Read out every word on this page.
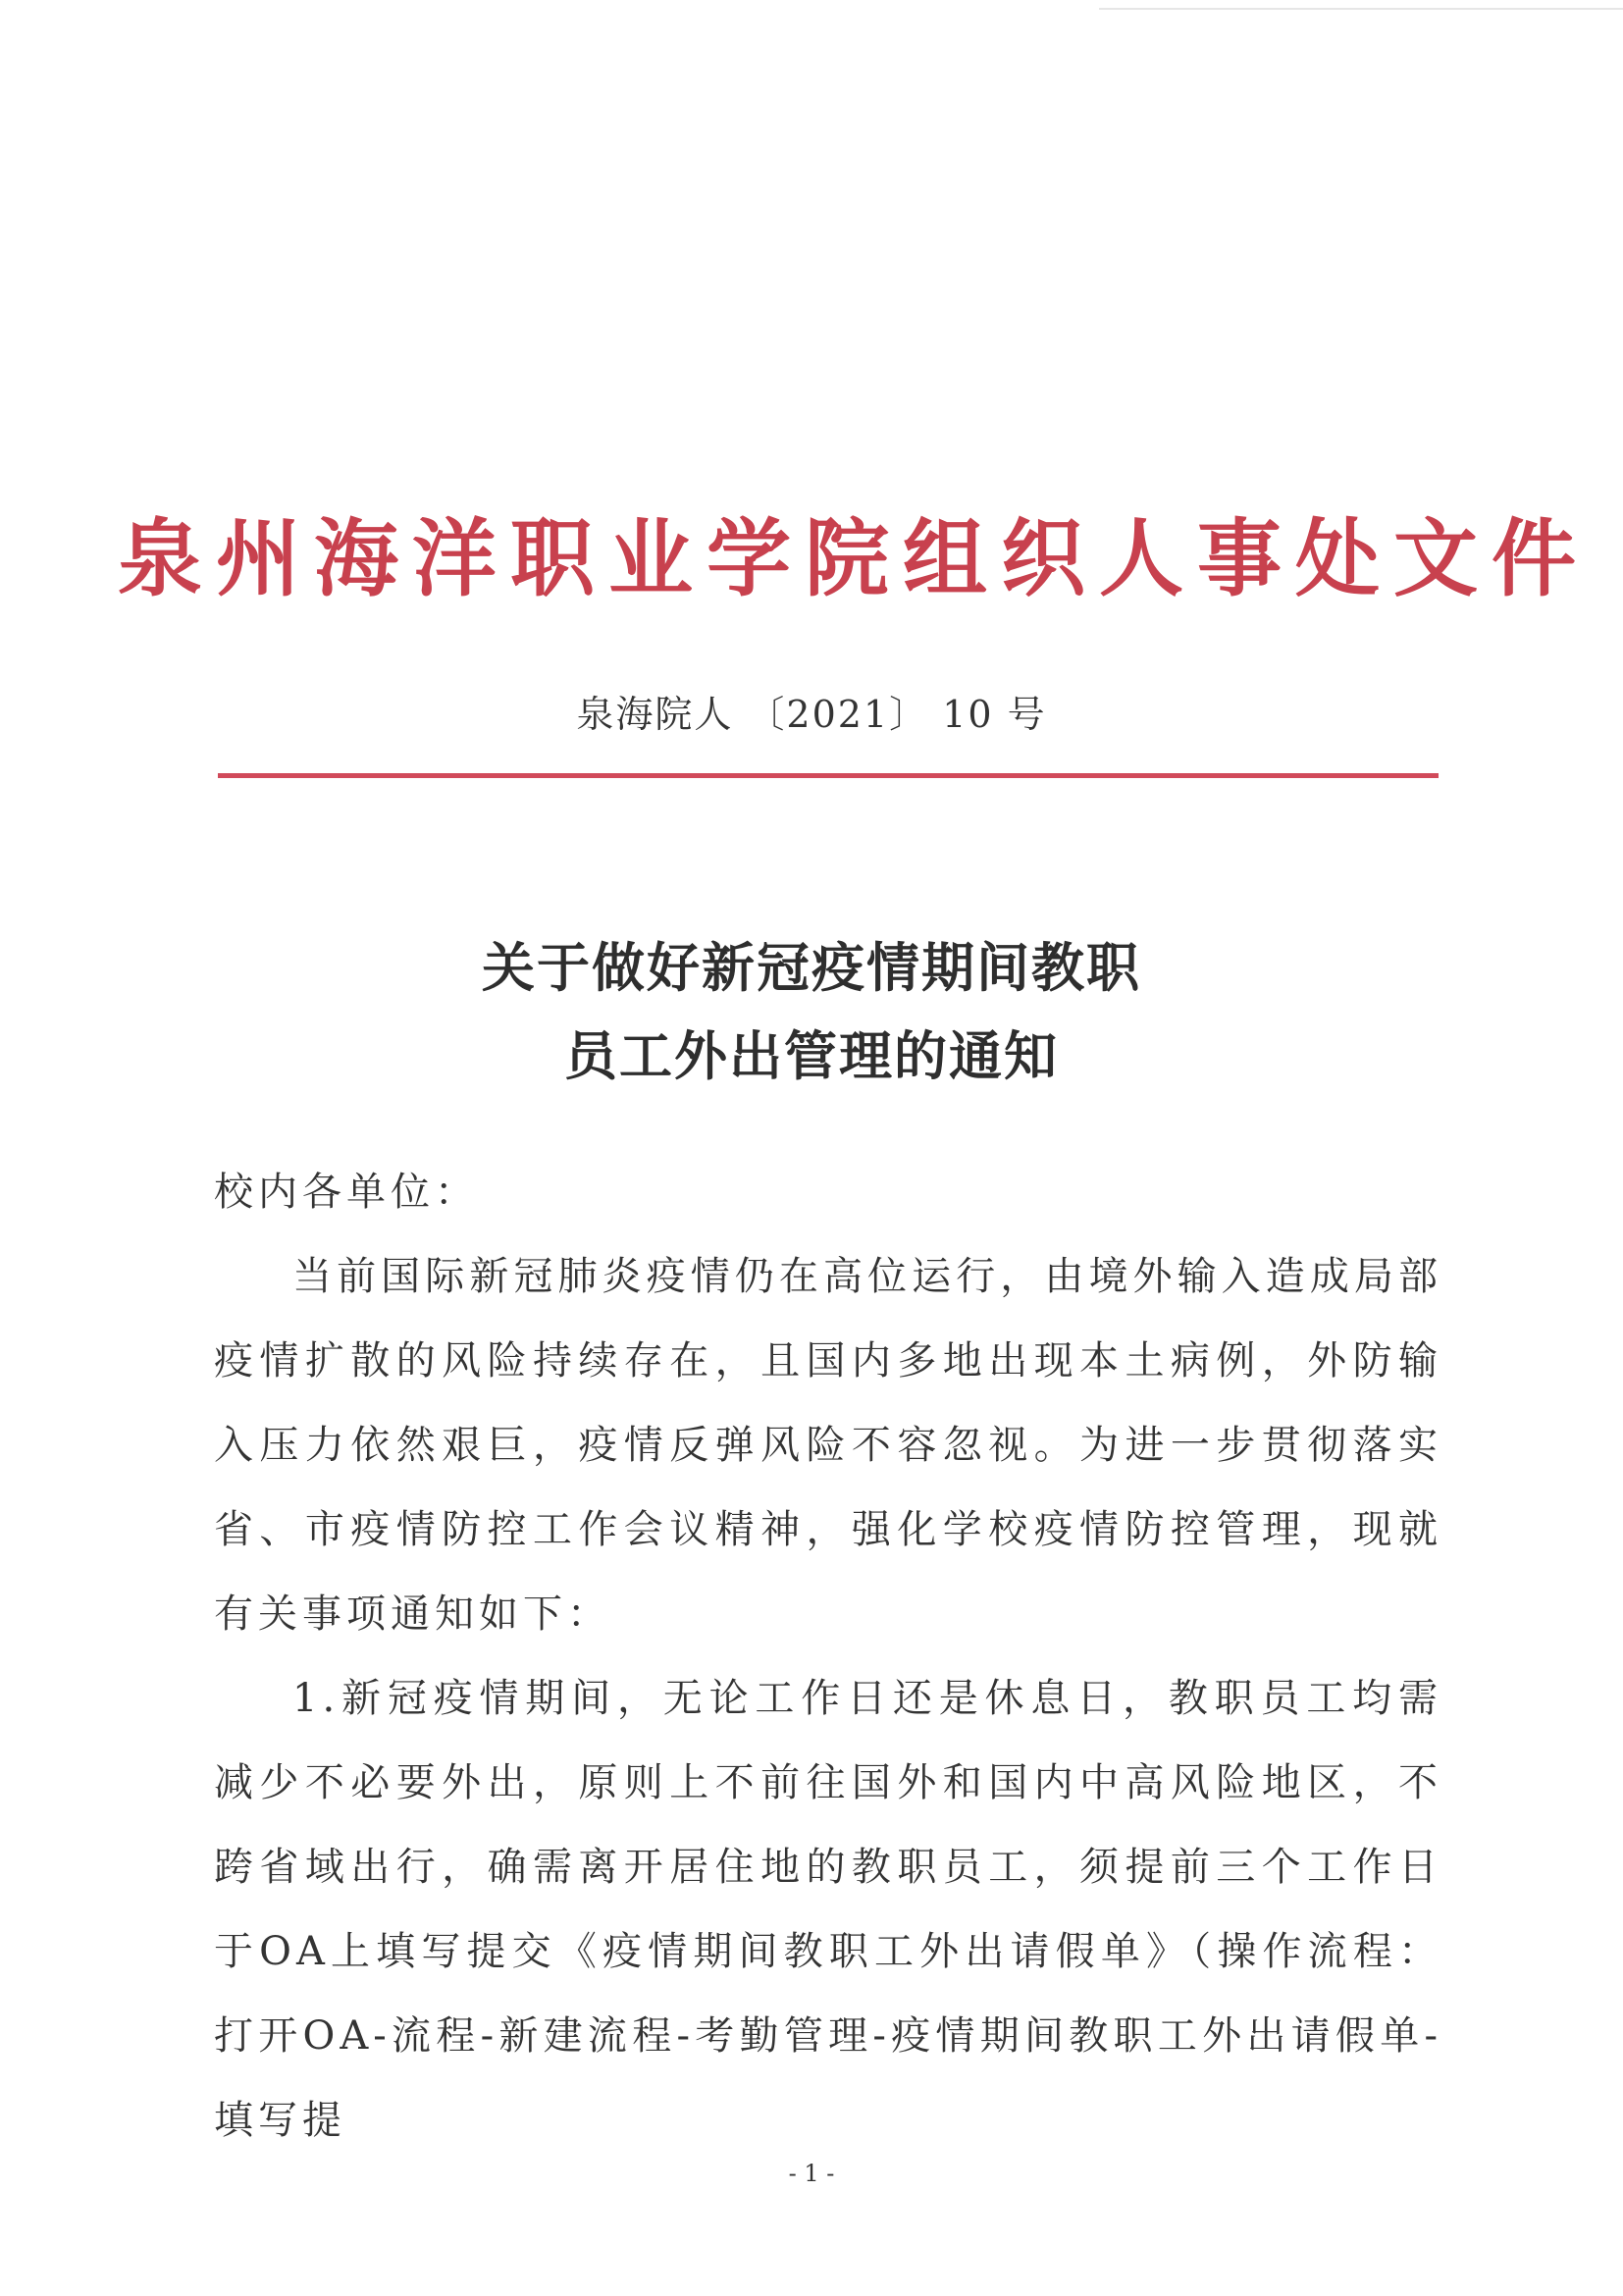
泉州海洋职业学院组织人事处文件
泉海院人 〔2021〕 10 号
关于做好新冠疫情期间教职
员工外出管理的通知

校内各单位：

当前国际新冠肺炎疫情仍在高位运行，由境外输入造成局部疫情扩散的风险持续存在，且国内多地出现本土病例，外防输入压力依然艰巨，疫情反弹风险不容忽视。为进一步贯彻落实省、市疫情防控工作会议精神，强化学校疫情防控管理，现就有关事项通知如下：

1.新冠疫情期间，无论工作日还是休息日，教职员工均需减少不必要外出，原则上不前往国外和国内中高风险地区，不跨省域出行，确需离开居住地的教职员工，须提前三个工作日于OA上填写提交《疫情期间教职工外出请假单》（操作流程：打开OA-流程-新建流程-考勤管理-疫情期间教职工外出请假单-填写提

- 1 -
